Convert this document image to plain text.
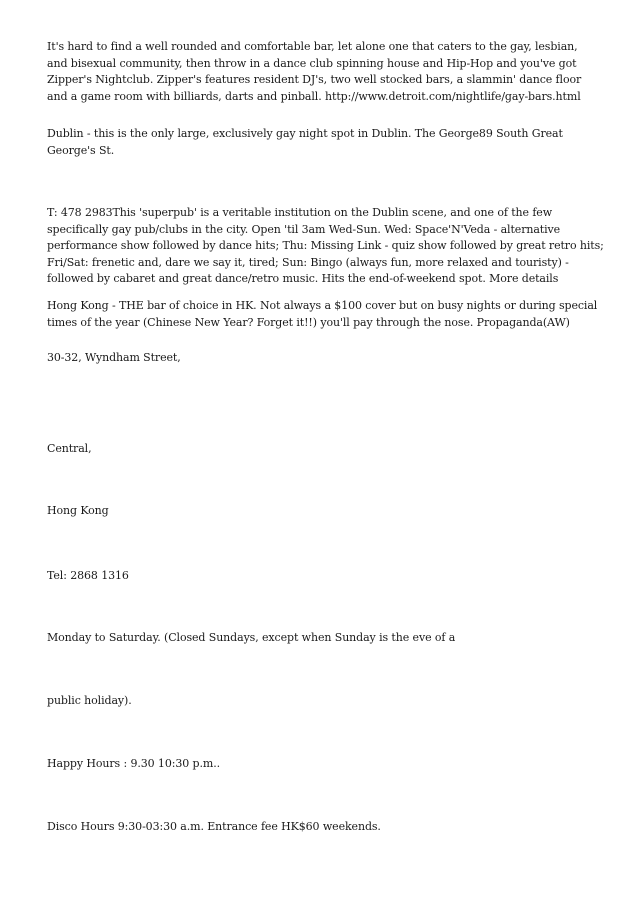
It's hard to find a well rounded and comfortable bar, let alone one that caters to the gay, lesbian,
and bisexual community, then throw in a dance club spinning house and Hip-Hop and you've got
Zipper's Nightclub. Zipper's features resident DJ's, two well stocked bars, a slammin' dance floor
and a game room with billiards, darts and pinball. http://www.detroit.com/nightlife/gay-bars.html

Dublin - this is the only large, exclusively gay night spot in Dublin. The George89 South Great
George's St.

T: 478 2983This 'superpub' is a veritable institution on the Dublin scene, and one of the few
specifically gay pub/clubs in the city. Open 'til 3am Wed-Sun. Wed: Space'N'Veda - alternative
performance show followed by dance hits; Thu: Missing Link - quiz show followed by great retro hits;
Fri/Sat: frenetic and, dare we say it, tired; Sun: Bingo (always fun, more relaxed and touristy) -
followed by cabaret and great dance/retro music. Hits the end-of-weekend spot. More details

Hong Kong - THE bar of choice in HK. Not always a $100 cover but on busy nights or during special
times of the year (Chinese New Year? Forget it!!) you'll pay through the nose. Propaganda(AW)

30-32, Wyndham Street,

Central,

Hong Kong

Tel: 2868 1316

Monday to Saturday. (Closed Sundays, except when Sunday is the eve of a

public holiday).

Happy Hours : 9.30 10:30 p.m..

Disco Hours 9:30-03:30 a.m. Entrance fee HK$60 weekends.
